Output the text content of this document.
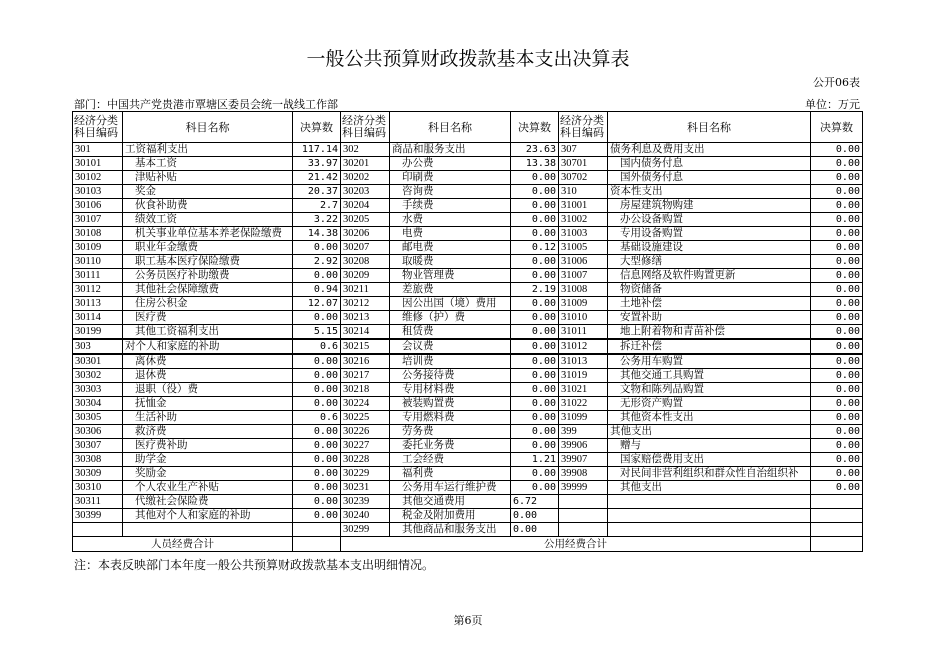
一般公共预算财政拨款基本支出决算表
公开06表
部门：中国共产党贵港市覃塘区委员会统一战线工作部	单位：万元
经济分类科目编码	科目名称	决算数	经济分类科目编码	科目名称	决算数	经济分类科目编码	科目名称	决算数
301	工资福利支出	117.14	302	商品和服务支出	23.63	307	债务利息及费用支出	0.00
30101	基本工资	33.97	30201	办公费	13.38	30701	国内债务付息	0.00
30102	津贴补贴	21.42	30202	印刷费	0.00	30702	国外债务付息	0.00
30103	奖金	20.37	30203	咨询费	0.00	310	资本性支出	0.00
30106	伙食补助费	2.7	30204	手续费	0.00	31001	房屋建筑物购建	0.00
30107	绩效工资	3.22	30205	水费	0.00	31002	办公设备购置	0.00
30108	机关事业单位基本养老保险缴费	14.38	30206	电费	0.00	31003	专用设备购置	0.00
30109	职业年金缴费	0.00	30207	邮电费	0.12	31005	基础设施建设	0.00
30110	职工基本医疗保险缴费	2.92	30208	取暖费	0.00	31006	大型修缮	0.00
30111	公务员医疗补助缴费	0.00	30209	物业管理费	0.00	31007	信息网络及软件购置更新	0.00
30112	其他社会保障缴费	0.94	30211	差旅费	2.19	31008	物资储备	0.00
30113	住房公积金	12.07	30212	因公出国（境）费用	0.00	31009	土地补偿	0.00
30114	医疗费	0.00	30213	维修（护）费	0.00	31010	安置补助	0.00
30199	其他工资福利支出	5.15	30214	租赁费	0.00	31011	地上附着物和青苗补偿	0.00
303	对个人和家庭的补助	0.6	30215	会议费	0.00	31012	拆迁补偿	0.00
30301	离休费	0.00	30216	培训费	0.00	31013	公务用车购置	0.00
30302	退休费	0.00	30217	公务接待费	0.00	31019	其他交通工具购置	0.00
30303	退职（役）费	0.00	30218	专用材料费	0.00	31021	文物和陈列品购置	0.00
30304	抚恤金	0.00	30224	被装购置费	0.00	31022	无形资产购置	0.00
30305	生活补助	0.6	30225	专用燃料费	0.00	31099	其他资本性支出	0.00
30306	救济费	0.00	30226	劳务费	0.00	399	其他支出	0.00
30307	医疗费补助	0.00	30227	委托业务费	0.00	39906	赠与	0.00
30308	助学金	0.00	30228	工会经费	1.21	39907	国家赔偿费用支出	0.00
30309	奖励金	0.00	30229	福利费	0.00	39908	对民间非营利组织和群众性自治组织补	0.00
30310	个人农业生产补贴	0.00	30231	公务用车运行维护费	0.00	39999	其他支出	0.00
30311	代缴社会保险费	0.00	30239	其他交通费用	6.72			
30399	其他对个人和家庭的补助	0.00	30240	税金及附加费用	0.00			
			30299	其他商品和服务支出	0.00			
人员经费合计			公用经费合计					
注：本表反映部门本年度一般公共预算财政拨款基本支出明细情况。
第6页
